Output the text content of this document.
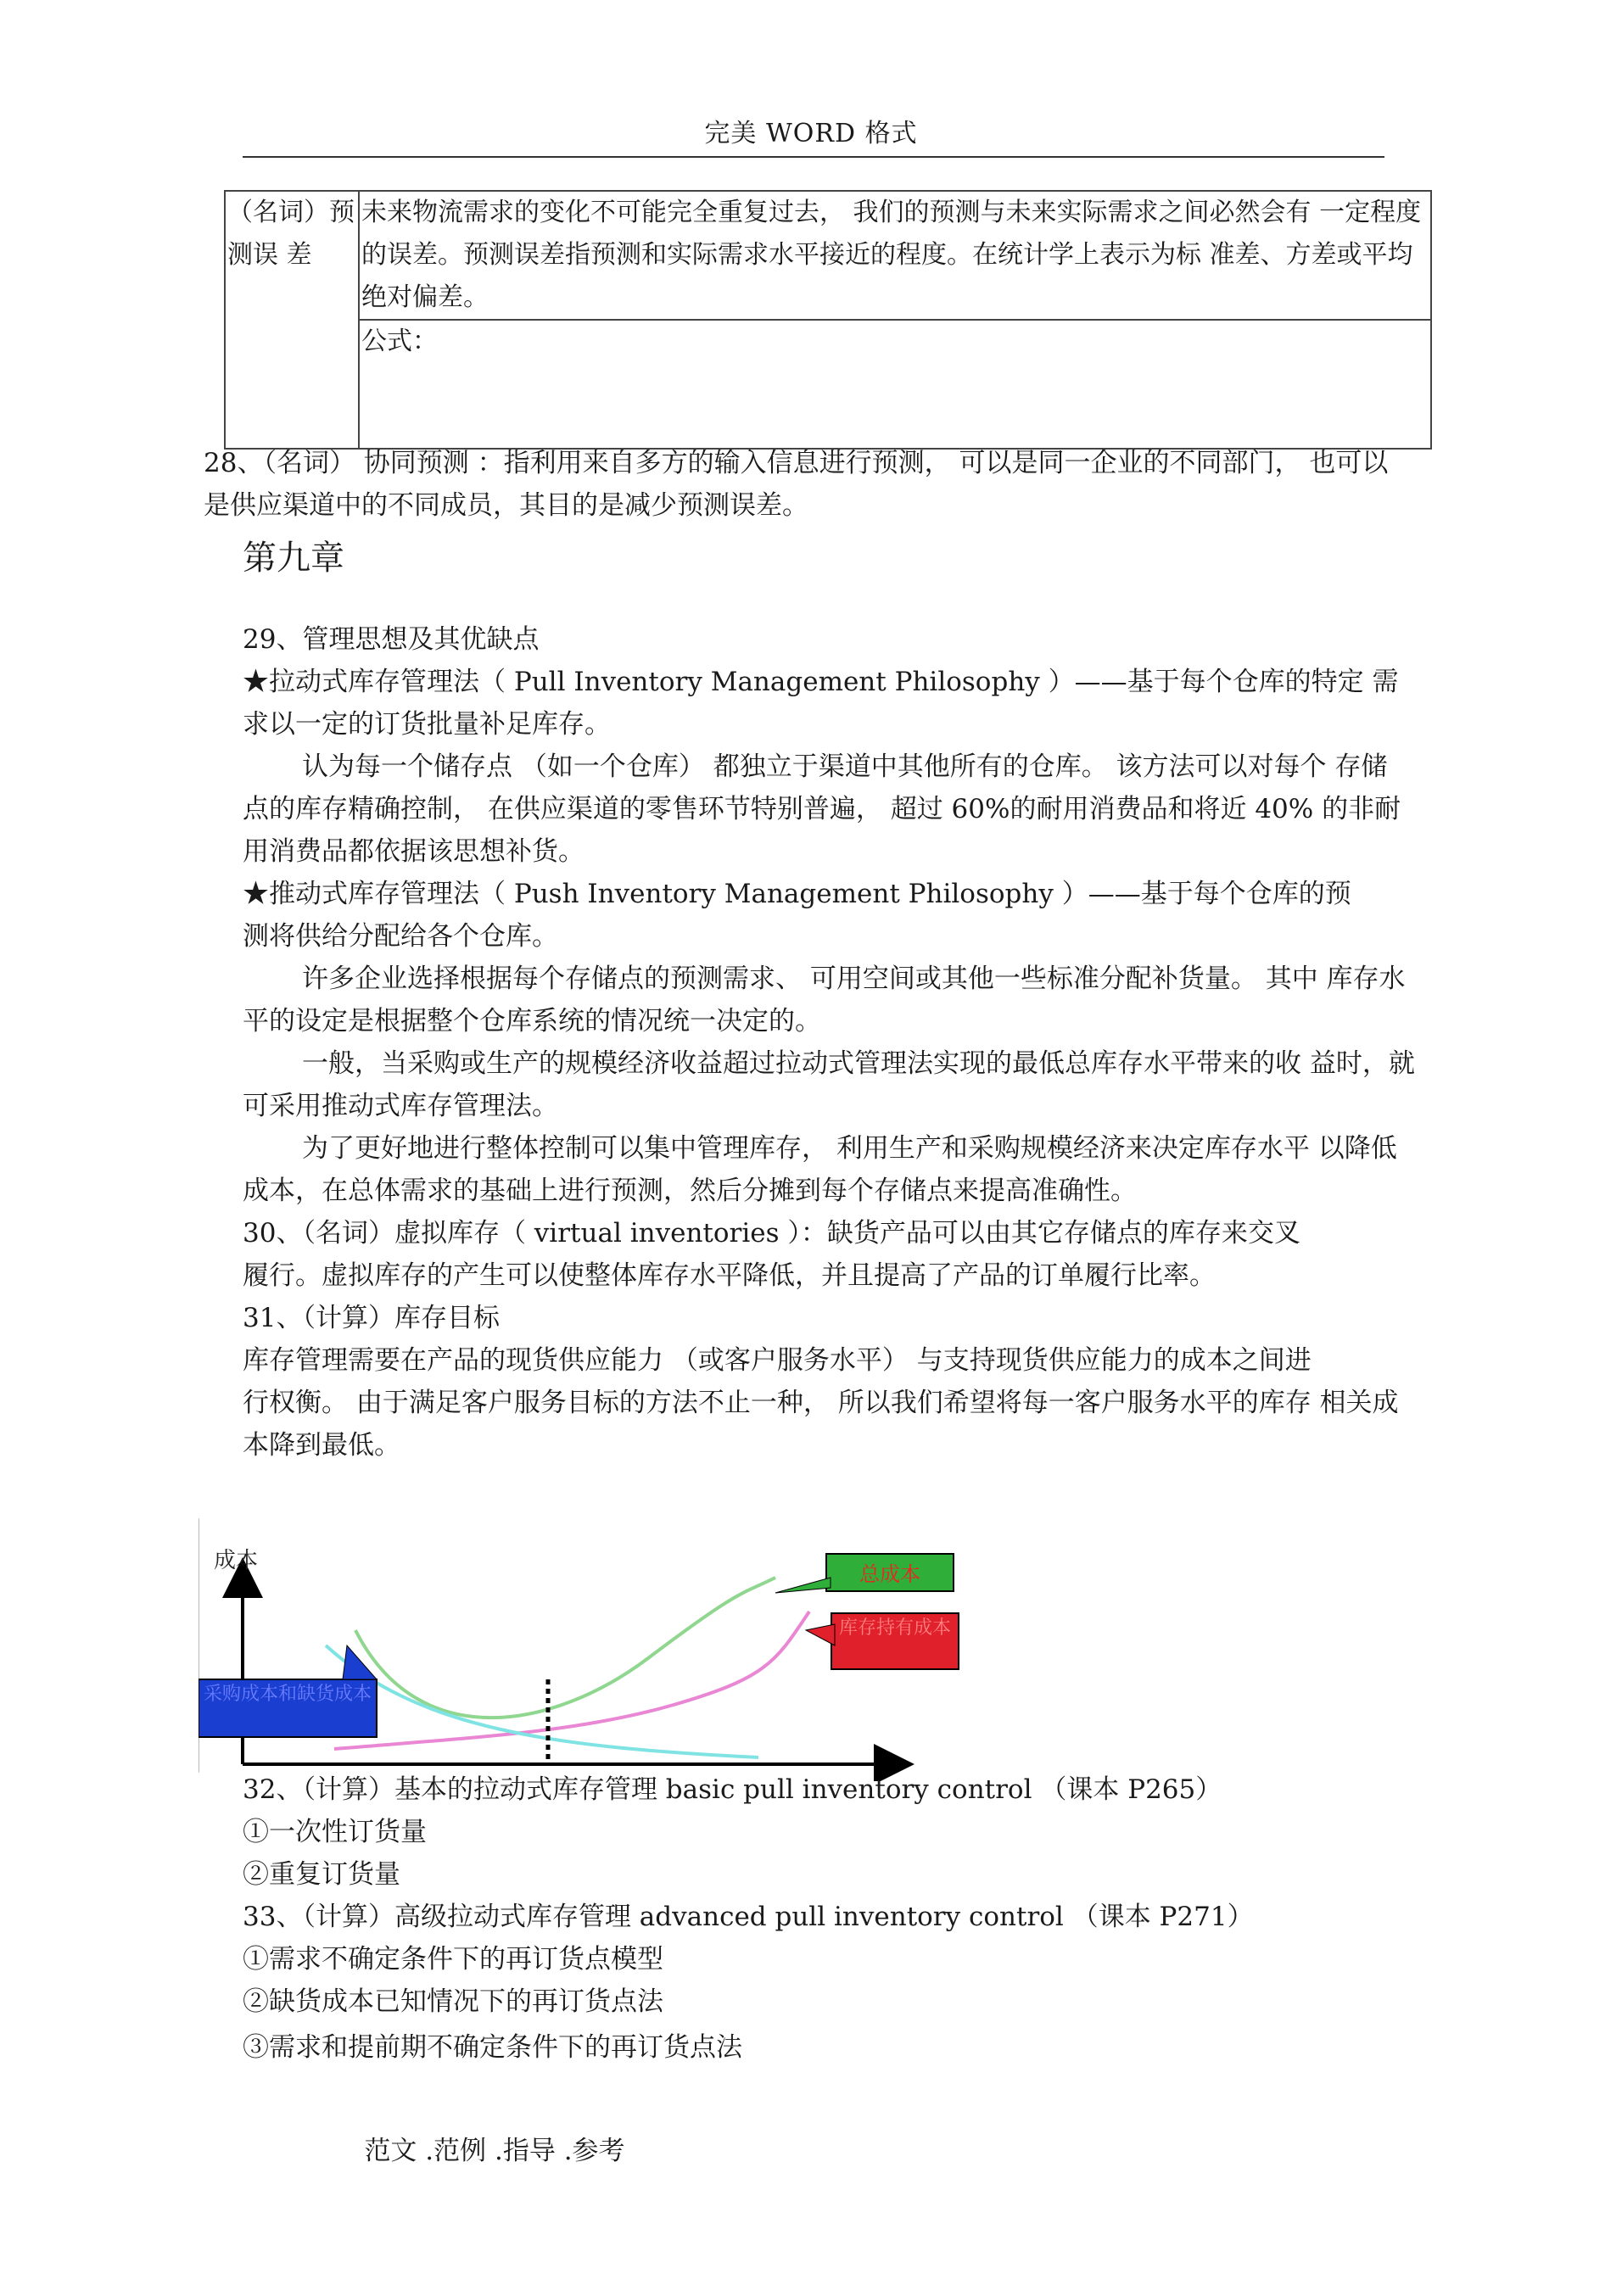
完美 WORD 格式
（名词）预测误 差	未来物流需求的变化不可能完全重复过去， 我们的预测与未来实际需求之间必然会有 一定程度的误差。预测误差指预测和实际需求水平接近的程度。在统计学上表示为标 准差、方差或平均绝对偏差。
公式：
28、（名词） 协同预测 ：指利用来自多方的输入信息进行预测， 可以是同一企业的不同部门， 也可以
是供应渠道中的不同成员，其目的是减少预测误差。
第九章
29、管理思想及其优缺点
★拉动式库存管理法（ Pull Inventory Management Philosophy ）——基于每个仓库的特定 需
求以一定的订货批量补足库存。
认为每一个储存点 （如一个仓库） 都独立于渠道中其他所有的仓库。 该方法可以对每个 存储
点的库存精确控制， 在供应渠道的零售环节特别普遍， 超过 60%的耐用消费品和将近 40% 的非耐
用消费品都依据该思想补货。
★推动式库存管理法（ Push Inventory Management Philosophy ）——基于每个仓库的预
测将供给分配给各个仓库。
许多企业选择根据每个存储点的预测需求、 可用空间或其他一些标准分配补货量。 其中 库存水
平的设定是根据整个仓库系统的情况统一决定的。
一般，当采购或生产的规模经济收益超过拉动式管理法实现的最低总库存水平带来的收 益时，就
可采用推动式库存管理法。
为了更好地进行整体控制可以集中管理库存， 利用生产和采购规模经济来决定库存水平 以降低
成本，在总体需求的基础上进行预测，然后分摊到每个存储点来提高准确性。
30、（名词）虚拟库存（ virtual inventories ）：缺货产品可以由其它存储点的库存来交叉
履行。虚拟库存的产生可以使整体库存水平降低，并且提高了产品的订单履行比率。
31、（计算）库存目标
库存管理需要在产品的现货供应能力 （或客户服务水平） 与支持现货供应能力的成本之间进
行权衡。 由于满足客户服务目标的方法不止一种， 所以我们希望将每一客户服务水平的库存 相关成
本降到最低。
成本
总成本
库存持有成本
采购成本和缺货成本
32、（计算）基本的拉动式库存管理 basic pull inventory control （课本 P265）
①一次性订货量
②重复订货量
33、（计算）高级拉动式库存管理 advanced pull inventory control （课本 P271）
①需求不确定条件下的再订货点模型
②缺货成本已知情况下的再订货点法
③需求和提前期不确定条件下的再订货点法
范文 .范例 .指导 .参考
